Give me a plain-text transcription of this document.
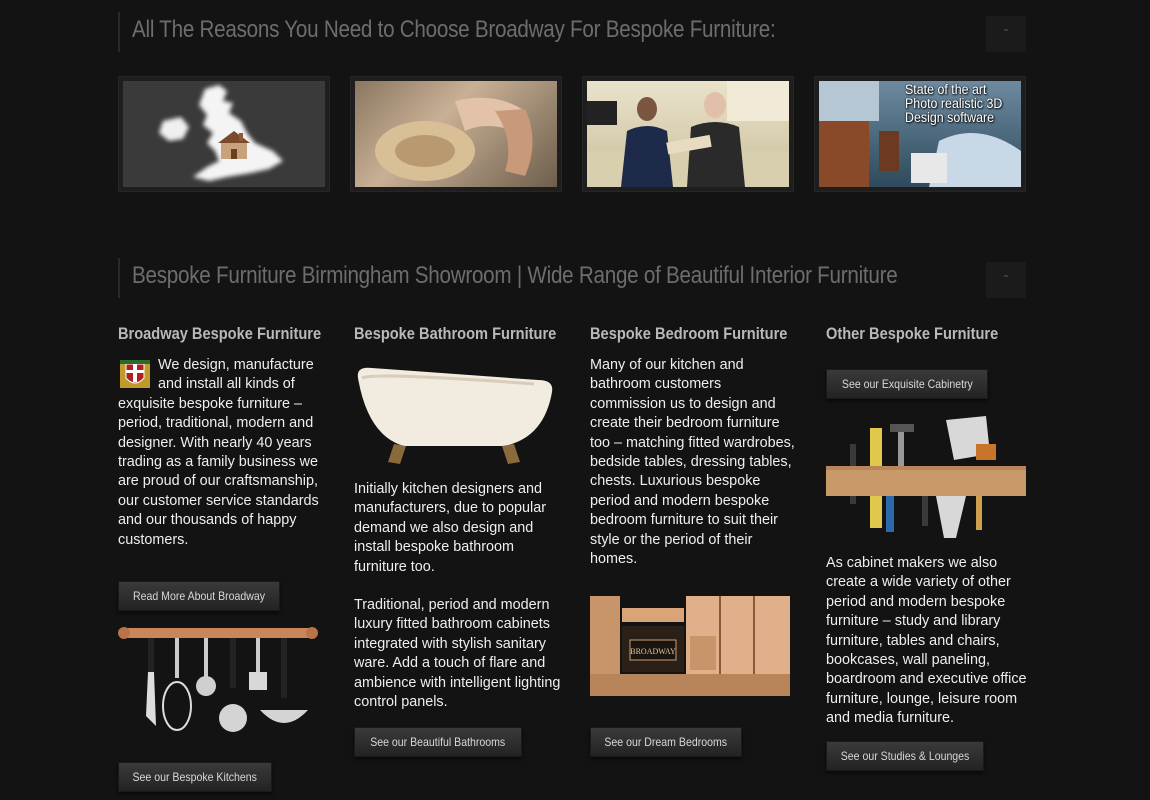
All The Reasons You Need to Choose Broadway For Bespoke Furniture:	ˆ
State of the art
Photo realistic 3D
Design software
Bespoke Furniture Birmingham Showroom | Wide Range of Beautiful Interior Furniture	ˆ
Broadway Bespoke Furniture

We design, manufacture and install all kinds of exquisite bespoke furniture – period, traditional, modern and designer. With nearly 40 years trading as a family business we are proud of our craftsmanship, our customer service standards and our thousands of happy customers.

Read More About Broadway
See our Bespoke Kitchens
Bespoke Bathroom Furniture

Initially kitchen designers and manufacturers, due to popular demand we also design and install bespoke bathroom furniture too.

Traditional, period and modern luxury fitted bathroom cabinets integrated with stylish sanitary ware. Add a touch of flare and ambience with intelligent lighting control panels.

See our Beautiful Bathrooms
Bespoke Bedroom Furniture

Many of our kitchen and bathroom customers commission us to design and create their bedroom furniture too – matching fitted wardrobes, bedside tables, dressing tables, chests. Luxurious bespoke period and modern bespoke bedroom furniture to suit their style or the period of their homes.

BROADWAY
See our Dream Bedrooms
Other Bespoke Furniture
See our Exquisite Cabinetry

As cabinet makers we also create a wide variety of other period and modern bespoke furniture – study and library furniture, tables and chairs, bookcases, wall paneling, boardroom and executive office furniture, lounge, leisure room and media furniture.

See our Studies & Lounges
